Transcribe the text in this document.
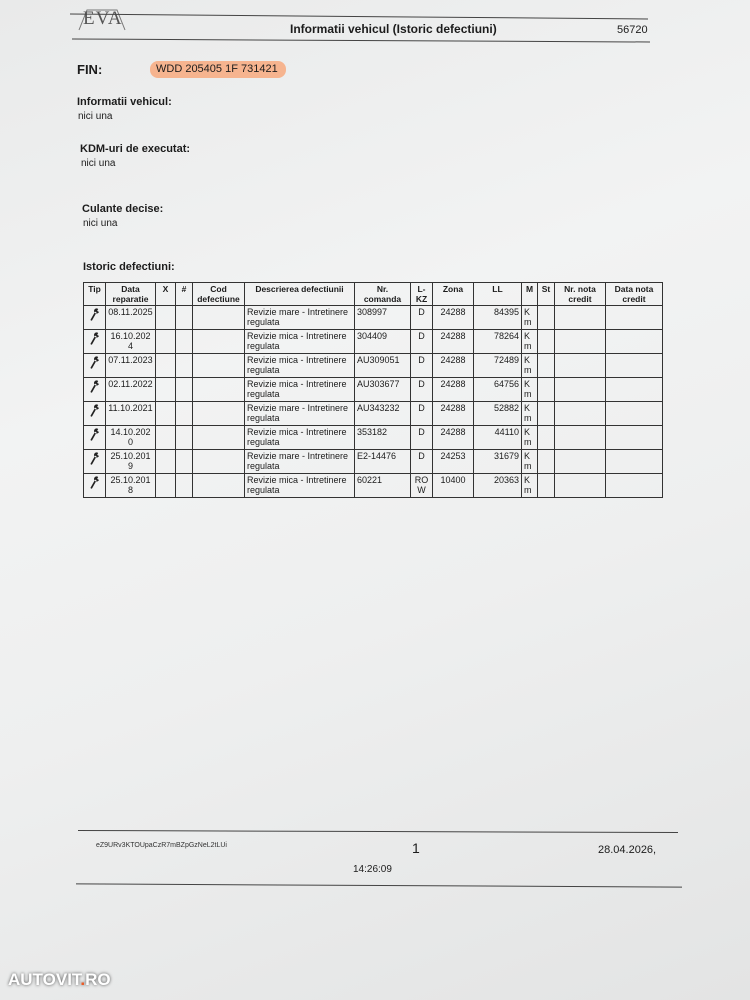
EVA	Informatii vehicul (Istoric defectiuni)	56720
FIN:	WDD 205405 1F 731421
Informatii vehicul:
nici una
KDM-uri de executat:
nici una
Culante decise:
nici una
Istoric defectiuni:
Tip	Data reparatie	X	#	Cod defectiune	Descrierea defectiunii	Nr. comanda	L-KZ	Zona	LL	M	St	Nr. nota credit	Data nota credit
	08.11.2025				Revizie mare - Intretinere regulata	308997	D	24288	84395	Km			
	16.10.2024				Revizie mica - Intretinere regulata	304409	D	24288	78264	Km			
	07.11.2023				Revizie mica - Intretinere regulata	AU309051	D	24288	72489	Km			
	02.11.2022				Revizie mica - Intretinere regulata	AU303677	D	24288	64756	Km			
	11.10.2021				Revizie mare - Intretinere regulata	AU343232	D	24288	52882	Km			
	14.10.2020				Revizie mica - Intretinere regulata	353182	D	24288	44110	Km			
	25.10.2019				Revizie mare - Intretinere regulata	E2-14476	D	24253	31679	Km			
	25.10.2018				Revizie mica - Intretinere regulata	60221	ROW	10400	20363	Km			
eZ9URv3KTOUpaCzR7mBZpGzNeL2tLUi	1	28.04.2026,
14:26:09
AUTOVIT.RO
